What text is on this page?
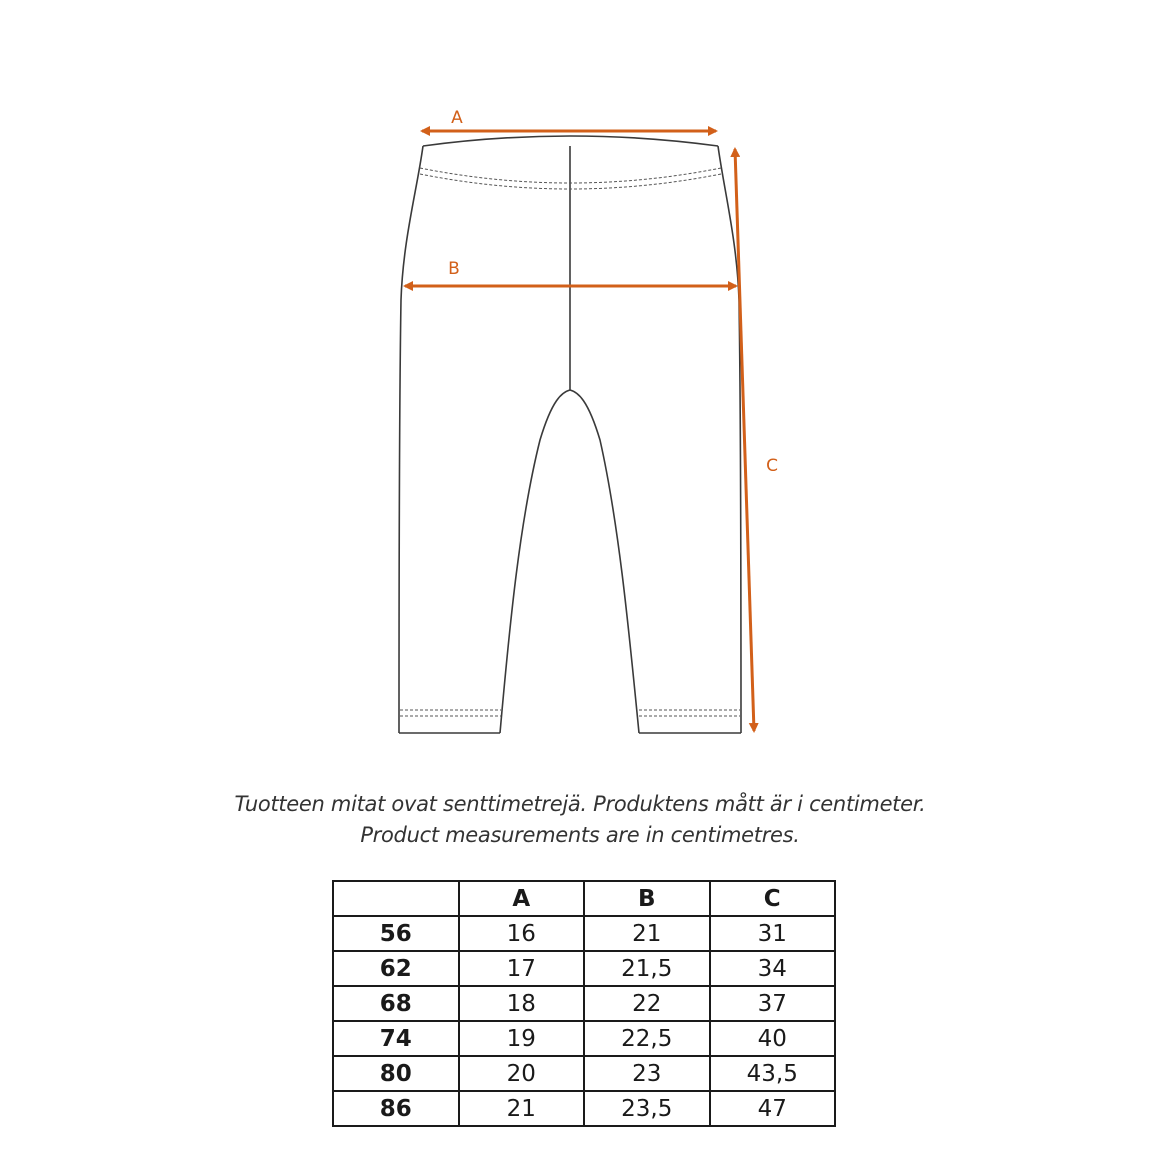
A
B
C
Tuotteen mitat ovat senttimetrejä. Produktens mått är i centimeter.
Product measurements are in centimetres.
	A	B	C
56	16	21	31
62	17	21,5	34
68	18	22	37
74	19	22,5	40
80	20	23	43,5
86	21	23,5	47
